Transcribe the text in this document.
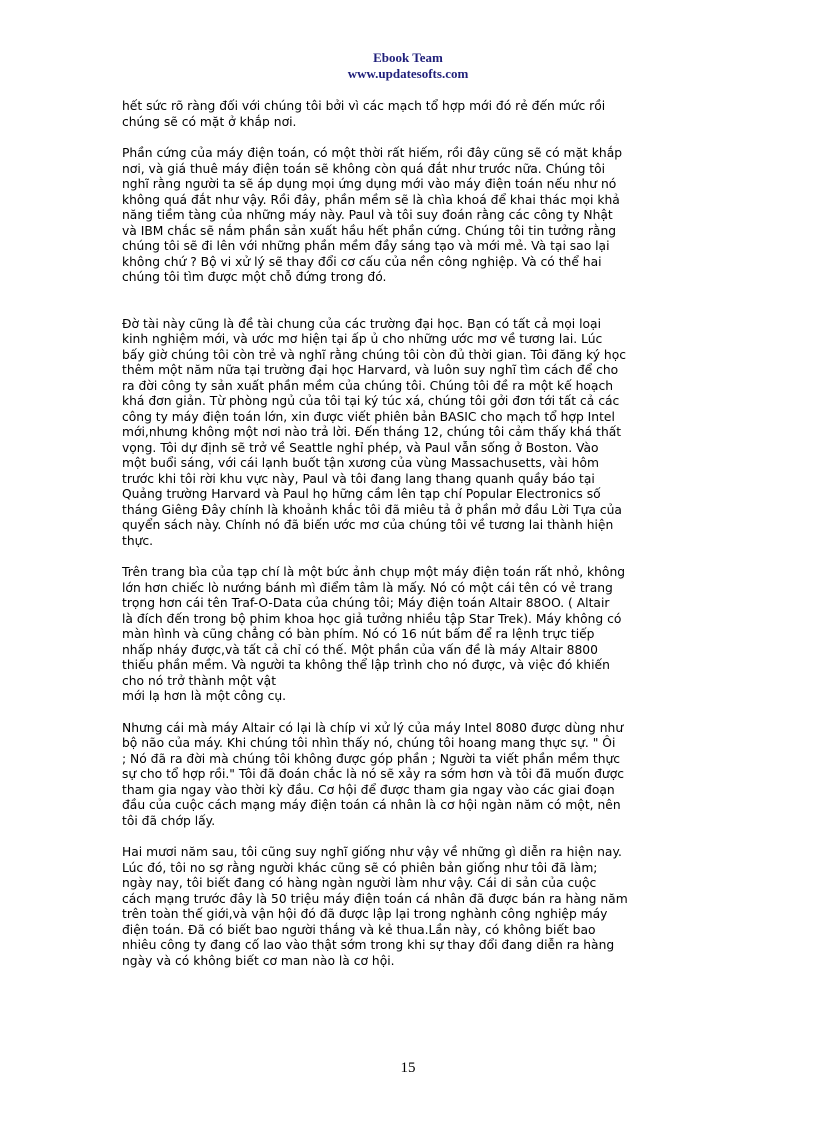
Ebook Team
www.updatesofts.com
hết sức rõ ràng đối với chúng tôi bởi vì các mạch tổ hợp mới đó rẻ đến mức rồi
chúng sẽ có mặt ở khắp nơi.
Phần cứng của máy điện toán, có một thời rất hiếm, rồi đây cũng sẽ có mặt khắp
nơi, và giá thuê máy điện toán sẽ không còn quá đắt như trước nữa. Chúng tôi
nghĩ rằng người ta sẽ áp dụng mọi ứng dụng mới vào máy điện toán nếu như nó
không quá đắt như vậy. Rồi đây, phần mềm sẽ là chìa khoá để khai thác mọi khả
năng tiềm tàng của những máy này. Paul và tôi suy đoán rằng các công ty Nhật
và IBM chắc sẽ nắm phần sản xuất hầu hết phần cứng. Chúng tôi tin tưởng rằng
chúng tôi sẽ đi lên với những phần mềm đầy sáng tạo và mới mẻ. Và tại sao lại
không chứ ? Bộ vi xử lý sẽ thay đổi cơ cấu của nền công nghiệp. Và có thể hai
chúng tôi tìm được một chỗ đứng trong đó.
Đờ tài này cũng là đề tài chung của các trường đại học. Bạn có tất cả mọi loại
kinh nghiệm mới, và ước mơ hiện tại ấp ủ cho những ước mơ về tương lai. Lúc
bấy giờ chúng tôi còn trẻ và nghĩ rằng chúng tôi còn đủ thời gian. Tôi đăng ký học
thêm một năm nữa tại trường đại học Harvard, và luôn suy nghĩ tìm cách để cho
ra đời công ty sản xuất phần mềm của chúng tôi. Chúng tôi đề ra một kế hoạch
khá đơn giản. Từ phòng ngủ của tôi tại ký túc xá, chúng tôi gởi đơn tới tất cả các
công ty máy điện toán lớn, xin được viết phiên bản BASIC cho mạch tổ hợp Intel
mới,nhưng không một nơi nào trả lời. Đến tháng 12, chúng tôi cảm thấy khá thất
vọng. Tôi dự định sẽ trở về Seattle nghỉ phép, và Paul vẫn sống ở Boston. Vào
một buổi sáng, với cái lạnh buốt tận xương của vùng Massachusetts, vài hôm
trước khi tôi rời khu vực này, Paul và tôi đang lang thang quanh quầy báo tại
Quảng trường Harvard và Paul họ hững cầm lên tạp chí Popular Electronics số
tháng Giêng Đây chính là khoảnh khắc tôi đã miêu tả ở phần mở đầu Lời Tựa của
quyển sách này. Chính nó đã biến ước mơ của chúng tôi về tương lai thành hiện
thực.
Trên trang bìa của tạp chí là một bức ảnh chụp một máy điện toán rất nhỏ, không
lớn hơn chiếc lò nướng bánh mì điểm tâm là mấy. Nó có một cái tên có vẻ trang
trọng hơn cái tên Traf-O-Data của chúng tôi; Máy điện toán Altair 88OO. ( Altair
là đích đến trong bộ phim khoa học giả tưởng nhiều tập Star Trek). Máy không có
màn hình và cũng chẳng có bàn phím. Nó có 16 nút bấm để ra lệnh trực tiếp
nhấp nháy được,và tất cả chỉ có thế. Một phần của vấn đề là máy Altair 8800
thiếu phần mềm. Và người ta không thể lập trình cho nó được, và việc đó khiến
cho nó trở thành một vật
mới lạ hơn là một công cụ.
Nhưng cái mà máy Altair có lại là chíp vi xử lý của máy Intel 8080 được dùng như
bộ não của máy. Khi chúng tôi nhìn thấy nó, chúng tôi hoang mang thực sự. " Ôi
; Nó đã ra đời mà chúng tôi không được góp phần ; Người ta viết phần mềm thực
sự cho tổ hợp rồi." Tôi đã đoán chắc là nó sẽ xảy ra sớm hơn và tôi đã muốn được
tham gia ngay vào thời kỳ đầu. Cơ hội để được tham gia ngay vào các giai đoạn
đầu của cuộc cách mạng máy điện toán cá nhân là cơ hội ngàn năm có một, nên
tôi đã chớp lấy.
Hai mươi năm sau, tôi cũng suy nghĩ giống như vậy về những gì diễn ra hiện nay.
Lúc đó, tôi no sợ rằng người khác cũng sẽ có phiên bản giống như tôi đã làm;
ngày nay, tôi biết đang có hàng ngàn người làm như vậy. Cái di sản của cuộc
cách mạng trước đây là 50 triệu máy điện toán cá nhân đã được bán ra hàng năm
trên toàn thế giới,và vận hội đó đã được lập lại trong nghành công nghiệp máy
điện toán. Đã có biết bao người thắng và kẻ thua.Lần này, có không biết bao
nhiêu công ty đang cố lao vào thật sớm trong khi sự thay đổi đang diễn ra hàng
ngày và có không biết cơ man nào là cơ hội.
15
